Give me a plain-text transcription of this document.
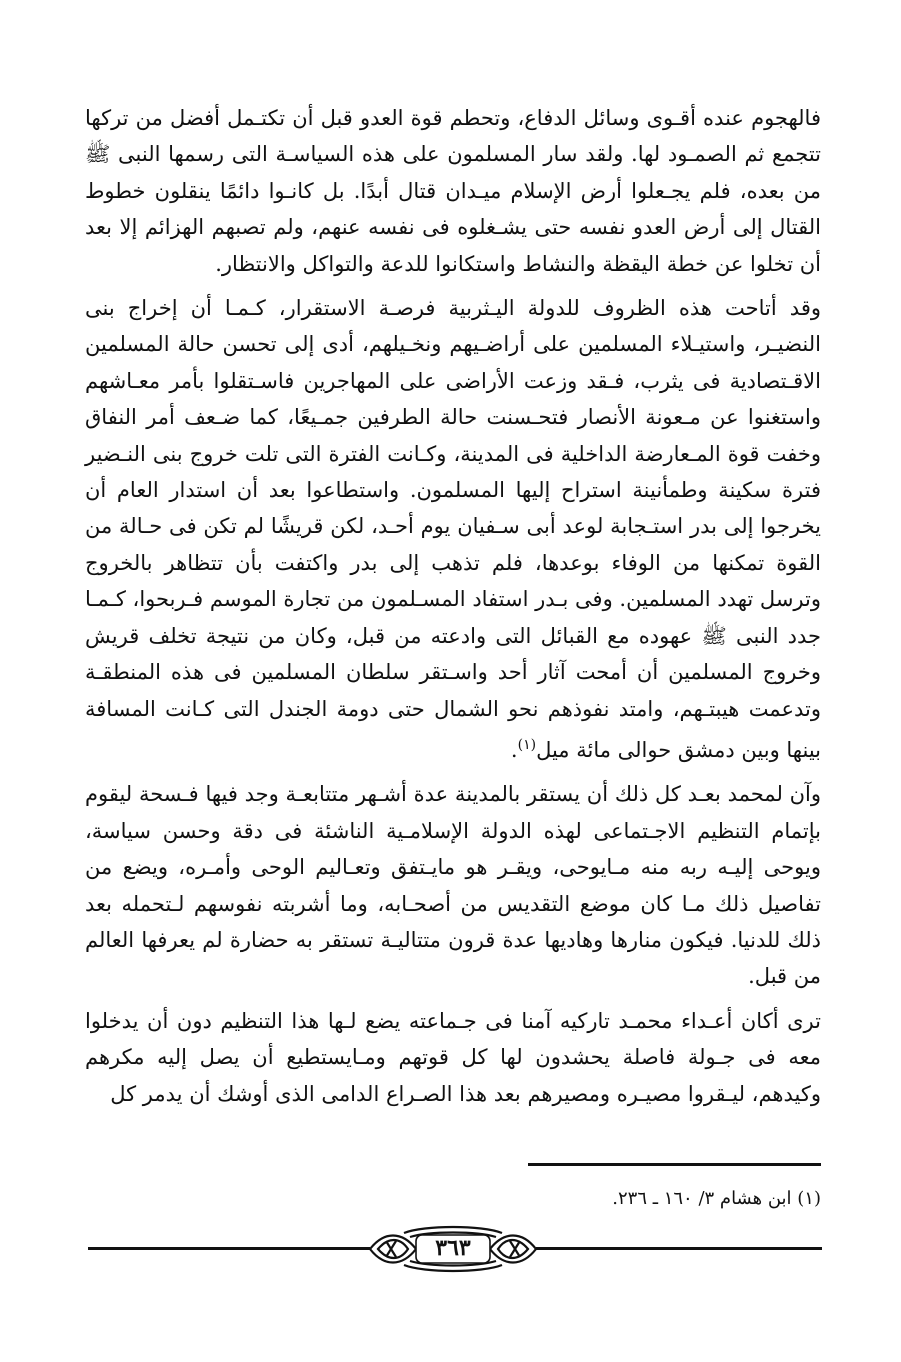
فالهجوم عنده أقـوى وسائل الدفاع، وتحطم قوة العدو قبل أن تكتـمل أفضل من تركها تتجمع ثم الصمـود لها. ولقد سار المسلمون على هذه السياسـة التى رسمها النبى ﷺ من بعده، فلم يجـعلوا أرض الإسلام ميـدان قتال أبدًا. بل كانـوا دائمًا ينقلون خطوط القتال إلى أرض العدو نفسه حتى يشـغلوه فى نفسه عنهم، ولم تصبهم الهزائم إلا بعد أن تخلوا عن خطة اليقظة والنشاط واستكانوا للدعة والتواكل والانتظار.

وقد أتاحت هذه الظروف للدولة اليـثربية فرصـة الاستقرار، كـمـا أن إخراج بنى النضيـر، واستيـلاء المسلمين على أراضـيهم ونخـيلهم، أدى إلى تحسن حالة المسلمين الاقـتصادية فى يثرب، فـقد وزعت الأراضى على المهاجرين فاسـتقلوا بأمر معـاشهم واستغنوا عن مـعونة الأنصار فتحـسنت حالة الطرفين جمـيعًا، كما ضـعف أمر النفاق وخفت قوة المـعارضة الداخلية فى المدينة، وكـانت الفترة التى تلت خروج بنى النـضير فترة سكينة وطمأنينة استراح إليها المسلمون. واستطاعوا بعد أن استدار العام أن يخرجوا إلى بدر استـجابة لوعد أبى سـفيان يوم أحـد، لكن قريشًا لم تكن فى حـالة من القوة تمكنها من الوفاء بوعدها، فلم تذهب إلى بدر واكتفت بأن تتظاهر بالخروج وترسل تهدد المسلمين. وفى بـدر استفاد المسـلمون من تجارة الموسم فـربحوا، كـمـا جدد النبى ﷺ عهوده مع القبائل التى وادعته من قبل، وكان من نتيجة تخلف قريش وخروج المسلمين أن أمحت آثار أحد واسـتقر سلطان المسلمين فى هذه المنطقـة وتدعمت هيبتـهم، وامتد نفوذهم نحو الشمال حتى دومة الجندل التى كـانت المسافة بينها وبين دمشق حوالى مائة ميل$^{(١)}$.

وآن لمحمد بعـد كل ذلك أن يستقر بالمدينة عدة أشـهر متتابعـة وجد فيها فـسحة ليقوم بإتمام التنظيم الاجـتماعى لهذه الدولة الإسلامـية الناشئة فى دقة وحسن سياسة، ويوحى إليـه ربه منه مـايوحى، ويقـر هو مايـتفق وتعـاليم الوحى وأمـره، ويضع من تفاصيل ذلك مـا كان موضع التقديس من أصحـابه، وما أشربته نفوسهم لـتحمله بعد ذلك للدنيا. فيكون منارها وهاديها عدة قرون متتاليـة تستقر به حضارة لم يعرفها العالم من قبل.

ترى أكان أعـداء محمـد تاركيه آمنا فى جـماعته يضع لـها هذا التنظيم دون أن يدخلوا معه فى جـولة فاصلة يحشدون لها كل قوتهم ومـايستطيع أن يصل إليه مكرهم وكيدهم، ليـقروا مصيـره ومصيرهم بعد هذا الصـراع الدامى الذى أوشك أن يدمر كل

(١) ابن هشام ٣/ ١٦٠ ـ ٢٣٦.
٣٦٣
